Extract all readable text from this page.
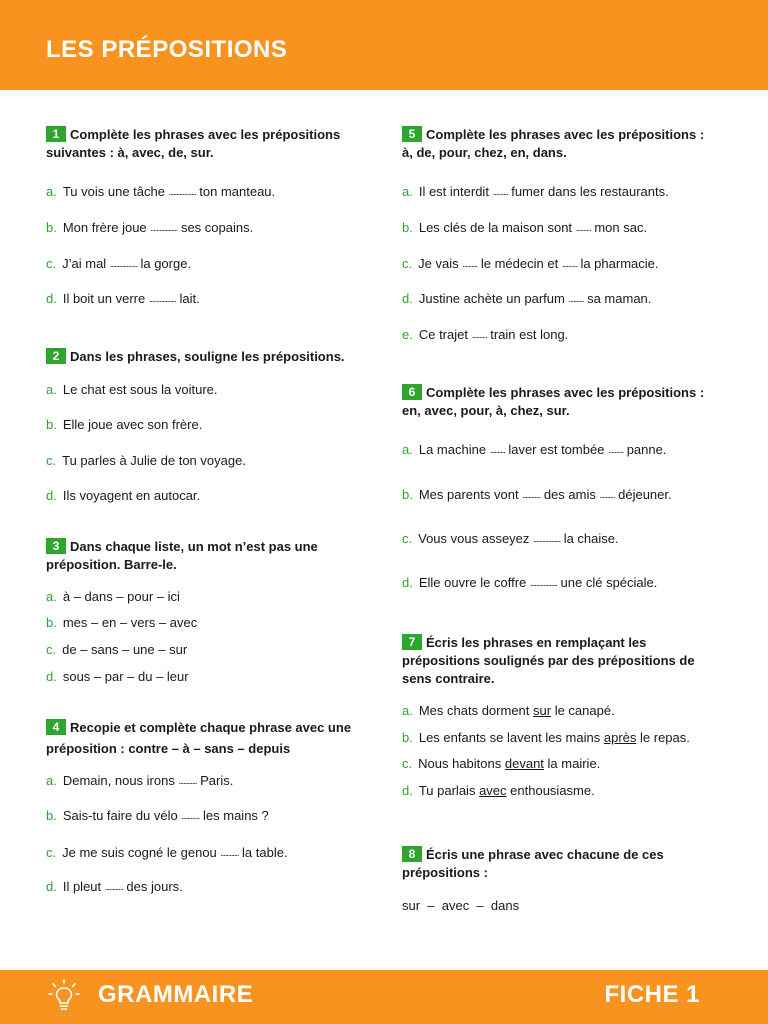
LES PRÉPOSITIONS
1 Complète les phrases avec les prépositions
suivantes : à, avec, de, sur.
a. Tu vois une tâche .................. ton manteau.
b. Mon frère joue .................. ses copains.
c. J’ai mal .................. la gorge.
d. Il boit un verre .................. lait.
2 Dans les phrases, souligne les prépositions.
a. Le chat est sous la voiture.
b. Elle joue avec son frère.
c. Tu parles à Julie de ton voyage.
d. Ils voyagent en autocar.
3 Dans chaque liste, un mot n’est pas une
préposition. Barre-le.
a. à – dans – pour – ici
b. mes – en – vers – avec
c. de – sans – une – sur
d. sous – par – du – leur
4 Recopie et complète chaque phrase avec une
préposition : contre – à – sans – depuis
a. Demain, nous irons ............ Paris.
b. Sais-tu faire du vélo ............ les mains ?
c. Je me suis cogné le genou ............ la table.
d. Il pleut ............ des jours.
5 Complète les phrases avec les prépositions :
à, de, pour, chez, en, dans.
a. Il est interdit .......... fumer dans les restaurants.
b. Les clés de la maison sont .......... mon sac.
c. Je vais .......... le médecin et .......... la pharmacie.
d. Justine achète un parfum .......... sa maman.
e. Ce trajet .......... train est long.
6 Complète les phrases avec les prépositions :
en, avec, pour, à, chez, sur.
a. La machine .......... laver est tombée .......... panne.
b. Mes parents vont ............ des amis .......... déjeuner.
c. Vous vous asseyez .................. la chaise.
d. Elle ouvre le coffre .................. une clé spéciale.
7 Écris les phrases en remplaçant les
prépositions soulignés par des prépositions de
sens contraire.
a. Mes chats dorment sur le canapé.
b. Les enfants se lavent les mains après le repas.
c. Nous habitons devant la mairie.
d. Tu parlais avec enthousiasme.
8 Écris une phrase avec chacune de ces
prépositions :
sur  –  avec  –  dans
GRAMMAIRE	FICHE 1
